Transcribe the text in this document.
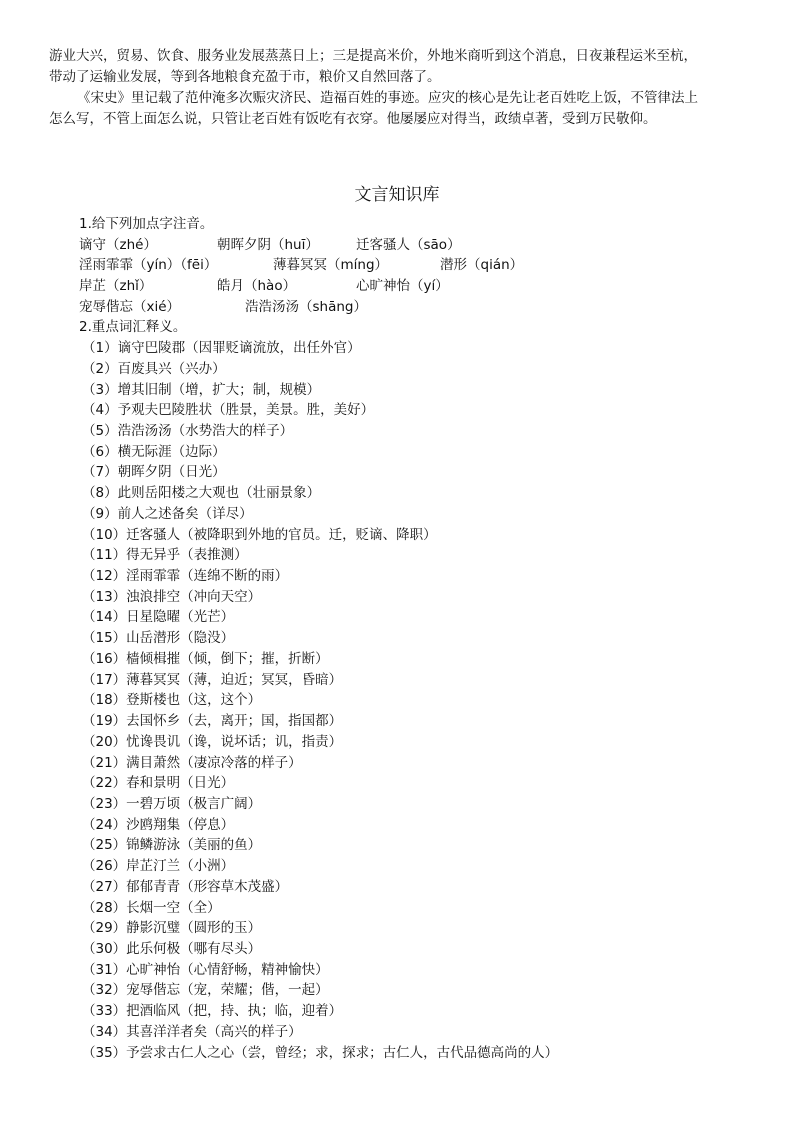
游业大兴，贸易、饮食、服务业发展蒸蒸日上；三是提高米价，外地米商听到这个消息，日夜兼程运米至杭，

带动了运输业发展，等到各地粮食充盈于市，粮价又自然回落了。

《宋史》里记载了范仲淹多次赈灾济民、造福百姓的事迹。应灾的核心是先让老百姓吃上饭，不管律法上

怎么写，不管上面怎么说，只管让老百姓有饭吃有衣穿。他屡屡应对得当，政绩卓著，受到万民敬仰。

文言知识库
1.给下列加点字注音。
谪守（zhé）	朝晖夕阴（huī）	迁客骚人（sāo）
淫雨霏霏（yín）（fēi）	薄暮冥冥（míng）	潜形（qián）
岸芷（zhǐ）	皓月（hào）	心旷神怡（yí）
宠辱偕忘（xié）	浩浩汤汤（shāng）
2.重点词汇释义。
（1）谪守巴陵郡（因罪贬谪流放，出任外官）
（2）百废具兴（兴办）
（3）增其旧制（增，扩大；制，规模）
（4）予观夫巴陵胜状（胜景，美景。胜，美好）
（5）浩浩汤汤（水势浩大的样子）
（6）横无际涯（边际）
（7）朝晖夕阴（日光）
（8）此则岳阳楼之大观也（壮丽景象）
（9）前人之述备矣（详尽）
（10）迁客骚人（被降职到外地的官员。迁，贬谪、降职）
（11）得无异乎（表推测）
（12）淫雨霏霏（连绵不断的雨）
（13）浊浪排空（冲向天空）
（14）日星隐曜（光芒）
（15）山岳潜形（隐没）
（16）樯倾楫摧（倾，倒下；摧，折断）
（17）薄暮冥冥（薄，迫近；冥冥，昏暗）
（18）登斯楼也（这，这个）
（19）去国怀乡（去，离开；国，指国都）
（20）忧谗畏讥（谗，说坏话；讥，指责）
（21）满目萧然（凄凉冷落的样子）
（22）春和景明（日光）
（23）一碧万顷（极言广阔）
（24）沙鸥翔集（停息）
（25）锦鳞游泳（美丽的鱼）
（26）岸芷汀兰（小洲）
（27）郁郁青青（形容草木茂盛）
（28）长烟一空（全）
（29）静影沉璧（圆形的玉）
（30）此乐何极（哪有尽头）
（31）心旷神怡（心情舒畅，精神愉快）
（32）宠辱偕忘（宠，荣耀；偕，一起）
（33）把酒临风（把，持、执；临，迎着）
（34）其喜洋洋者矣（高兴的样子）
（35）予尝求古仁人之心（尝，曾经；求，探求；古仁人，古代品德高尚的人）
